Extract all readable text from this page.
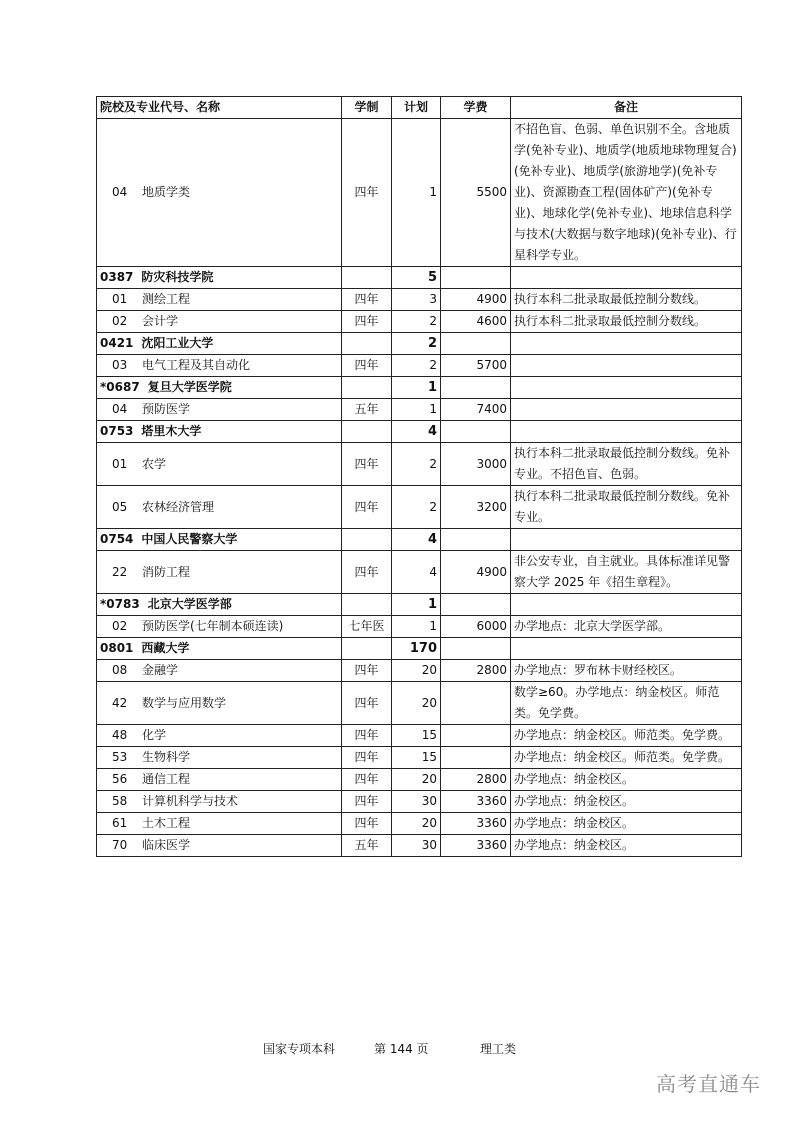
院校及专业代号、名称	学制	计划	学费	备注
04 地质学类	四年	1	5500	不招色盲、色弱、单色识别不全。含地质学(免补专业)、地质学(地质地球物理复合)(免补专业)、地质学(旅游地学)(免补专业)、资源勘查工程(固体矿产)(免补专业)、地球化学(免补专业)、地球信息科学与技术(大数据与数字地球)(免补专业)、行星科学专业。
0387 防灾科技学院		5		
01 测绘工程	四年	3	4900	执行本科二批录取最低控制分数线。
02 会计学	四年	2	4600	执行本科二批录取最低控制分数线。
0421 沈阳工业大学		2		
03 电气工程及其自动化	四年	2	5700	
*0687 复旦大学医学院		1		
04 预防医学	五年	1	7400	
0753 塔里木大学		4		
01 农学	四年	2	3000	执行本科二批录取最低控制分数线。免补专业。不招色盲、色弱。
05 农林经济管理	四年	2	3200	执行本科二批录取最低控制分数线。免补专业。
0754 中国人民警察大学		4		
22 消防工程	四年	4	4900	非公安专业，自主就业。具体标准详见警察大学 2025 年《招生章程》。
*0783 北京大学医学部		1		
02 预防医学(七年制本硕连读)	七年医	1	6000	办学地点：北京大学医学部。
0801 西藏大学		170		
08 金融学	四年	20	2800	办学地点：罗布林卡财经校区。
42 数学与应用数学	四年	20		数学≥60。办学地点：纳金校区。师范类。免学费。
48 化学	四年	15		办学地点：纳金校区。师范类。免学费。
53 生物科学	四年	15		办学地点：纳金校区。师范类。免学费。
56 通信工程	四年	20	2800	办学地点：纳金校区。
58 计算机科学与技术	四年	30	3360	办学地点：纳金校区。
61 土木工程	四年	20	3360	办学地点：纳金校区。
70 临床医学	五年	30	3360	办学地点：纳金校区。
国家专项本科	第 144 页	理工类
高考直通车
